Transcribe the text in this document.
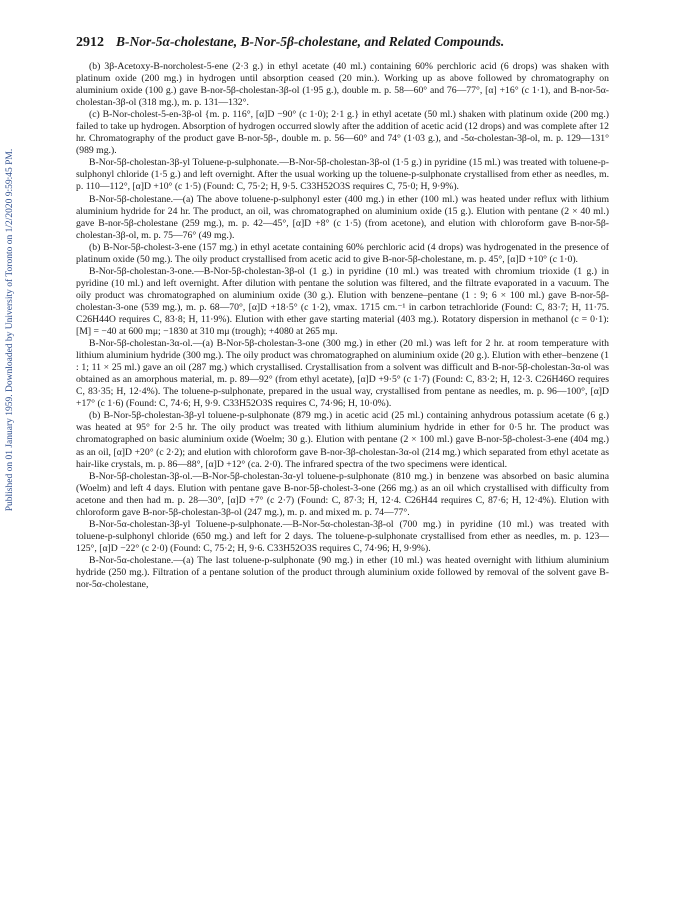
Published on 01 January 1959. Downloaded by University of Toronto on 1/2/2020 9:59:45 PM.
2912 B-Nor-5α-cholestane, B-Nor-5β-cholestane, and Related Compounds.

(b) 3β-Acetoxy-B-norcholest-5-ene (2·3 g.) in ethyl acetate (40 ml.) containing 60% perchloric acid (6 drops) was shaken with platinum oxide (200 mg.) in hydrogen until absorption ceased (20 min.). Working up as above followed by chromatography on aluminium oxide (100 g.) gave B-nor-5β-cholestan-3β-ol (1·95 g.), double m. p. 58—60° and 76—77°, [α] +16° (c 1·1), and B-nor-5α-cholestan-3β-ol (318 mg.), m. p. 131—132°.

(c) B-Nor-cholest-5-en-3β-ol {m. p. 116°, [α]D −90° (c 1·0); 2·1 g.} in ethyl acetate (50 ml.) shaken with platinum oxide (200 mg.) failed to take up hydrogen. Absorption of hydrogen occurred slowly after the addition of acetic acid (12 drops) and was complete after 12 hr. Chromatography of the product gave B-nor-5β-, double m. p. 56—60° and 74° (1·03 g.), and -5α-cholestan-3β-ol, m. p. 129—131° (989 mg.).

B-Nor-5β-cholestan-3β-yl Toluene-p-sulphonate.—B-Nor-5β-cholestan-3β-ol (1·5 g.) in pyridine (15 ml.) was treated with toluene-p-sulphonyl chloride (1·5 g.) and left overnight. After the usual working up the toluene-p-sulphonate crystallised from ether as needles, m. p. 110—112°, [α]D +10° (c 1·5) (Found: C, 75·2; H, 9·5. C33H52O3S requires C, 75·0; H, 9·9%).

B-Nor-5β-cholestane.—(a) The above toluene-p-sulphonyl ester (400 mg.) in ether (100 ml.) was heated under reflux with lithium aluminium hydride for 24 hr. The product, an oil, was chromatographed on aluminium oxide (15 g.). Elution with pentane (2 × 40 ml.) gave B-nor-5β-cholestane (259 mg.), m. p. 42—45°, [α]D +8° (c 1·5) (from acetone), and elution with chloroform gave B-nor-5β-cholestan-3β-ol, m. p. 75—76° (49 mg.).

(b) B-Nor-5β-cholest-3-ene (157 mg.) in ethyl acetate containing 60% perchloric acid (4 drops) was hydrogenated in the presence of platinum oxide (50 mg.). The oily product crystallised from acetic acid to give B-nor-5β-cholestane, m. p. 45°, [α]D +10° (c 1·0).

B-Nor-5β-cholestan-3-one.—B-Nor-5β-cholestan-3β-ol (1 g.) in pyridine (10 ml.) was treated with chromium trioxide (1 g.) in pyridine (10 ml.) and left overnight. After dilution with pentane the solution was filtered, and the filtrate evaporated in a vacuum. The oily product was chromatographed on aluminium oxide (30 g.). Elution with benzene–pentane (1 : 9; 6 × 100 ml.) gave B-nor-5β-cholestan-3-one (539 mg.), m. p. 68—70°, [α]D +18·5° (c 1·2), νmax. 1715 cm.⁻¹ in carbon tetrachloride (Found: C, 83·7; H, 11·75. C26H44O requires C, 83·8; H, 11·9%). Elution with ether gave starting material (403 mg.). Rotatory dispersion in methanol (c = 0·1): [M] = −40 at 600 mμ; −1830 at 310 mμ (trough); +4080 at 265 mμ.

B-Nor-5β-cholestan-3α-ol.—(a) B-Nor-5β-cholestan-3-one (300 mg.) in ether (20 ml.) was left for 2 hr. at room temperature with lithium aluminium hydride (300 mg.). The oily product was chromatographed on aluminium oxide (20 g.). Elution with ether–benzene (1 : 1; 11 × 25 ml.) gave an oil (287 mg.) which crystallised. Crystallisation from a solvent was difficult and B-nor-5β-cholestan-3α-ol was obtained as an amorphous material, m. p. 89—92° (from ethyl acetate), [α]D +9·5° (c 1·7) (Found: C, 83·2; H, 12·3. C26H46O requires C, 83·35; H, 12·4%). The toluene-p-sulphonate, prepared in the usual way, crystallised from pentane as needles, m. p. 96—100°, [α]D +17° (c 1·6) (Found: C, 74·6; H, 9·9. C33H52O3S requires C, 74·96; H, 10·0%).

(b) B-Nor-5β-cholestan-3β-yl toluene-p-sulphonate (879 mg.) in acetic acid (25 ml.) containing anhydrous potassium acetate (6 g.) was heated at 95° for 2·5 hr. The oily product was treated with lithium aluminium hydride in ether for 0·5 hr. The product was chromatographed on basic aluminium oxide (Woelm; 30 g.). Elution with pentane (2 × 100 ml.) gave B-nor-5β-cholest-3-ene (404 mg.) as an oil, [α]D +20° (c 2·2); and elution with chloroform gave B-nor-3β-cholestan-3α-ol (214 mg.) which separated from ethyl acetate as hair-like crystals, m. p. 86—88°, [α]D +12° (ca. 2·0). The infrared spectra of the two specimens were identical.

B-Nor-5β-cholestan-3β-ol.—B-Nor-5β-cholestan-3α-yl toluene-p-sulphonate (810 mg.) in benzene was absorbed on basic alumina (Woelm) and left 4 days. Elution with pentane gave B-nor-5β-cholest-3-one (266 mg.) as an oil which crystallised with difficulty from acetone and then had m. p. 28—30°, [α]D +7° (c 2·7) (Found: C, 87·3; H, 12·4. C26H44 requires C, 87·6; H, 12·4%). Elution with chloroform gave B-nor-5β-cholestan-3β-ol (247 mg.), m. p. and mixed m. p. 74—77°.

B-Nor-5α-cholestan-3β-yl Toluene-p-sulphonate.—B-Nor-5α-cholestan-3β-ol (700 mg.) in pyridine (10 ml.) was treated with toluene-p-sulphonyl chloride (650 mg.) and left for 2 days. The toluene-p-sulphonate crystallised from ether as needles, m. p. 123—125°, [α]D −22° (c 2·0) (Found: C, 75·2; H, 9·6. C33H52O3S requires C, 74·96; H, 9·9%).

B-Nor-5α-cholestane.—(a) The last toluene-p-sulphonate (90 mg.) in ether (10 ml.) was heated overnight with lithium aluminium hydride (250 mg.). Filtration of a pentane solution of the product through aluminium oxide followed by removal of the solvent gave B-nor-5α-cholestane,
